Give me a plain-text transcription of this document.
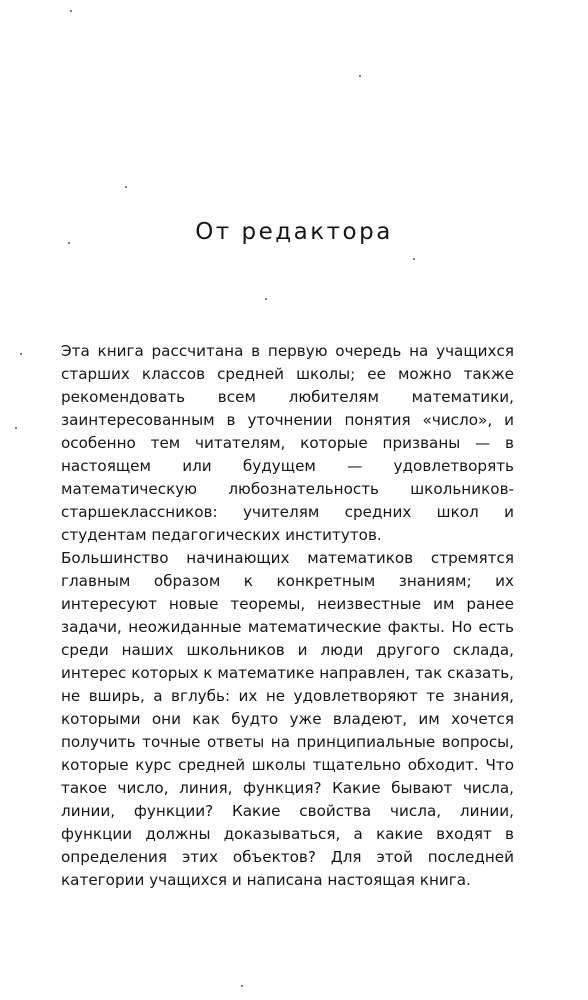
От редактора

Эта книга рассчитана в первую очередь на учащихся старших классов средней школы; ее можно также рекомендовать всем любителям математики, заинтересованным в уточнении понятия «число», и особенно тем читателям, которые призваны — в настоящем или будущем — удовлетворять математическую любознательность школьников-старшеклассников: учителям средних школ и студентам педагогических институтов.

Большинство начинающих математиков стремятся главным образом к конкретным знаниям; их интересуют новые теоремы, неизвестные им ранее задачи, неожиданные математические факты. Но есть среди наших школьников и люди другого склада, интерес которых к математике направлен, так сказать, не вширь, а вглубь: их не удовлетворяют те знания, которыми они как будто уже владеют, им хочется получить точные ответы на принципиальные вопросы, которые курс средней школы тщательно обходит. Что такое число, линия, функция? Какие бывают числа, линии, функции? Какие свойства числа, линии, функции должны доказываться, а какие входят в определения этих объектов? Для этой последней категории учащихся и написана настоящая книга.
